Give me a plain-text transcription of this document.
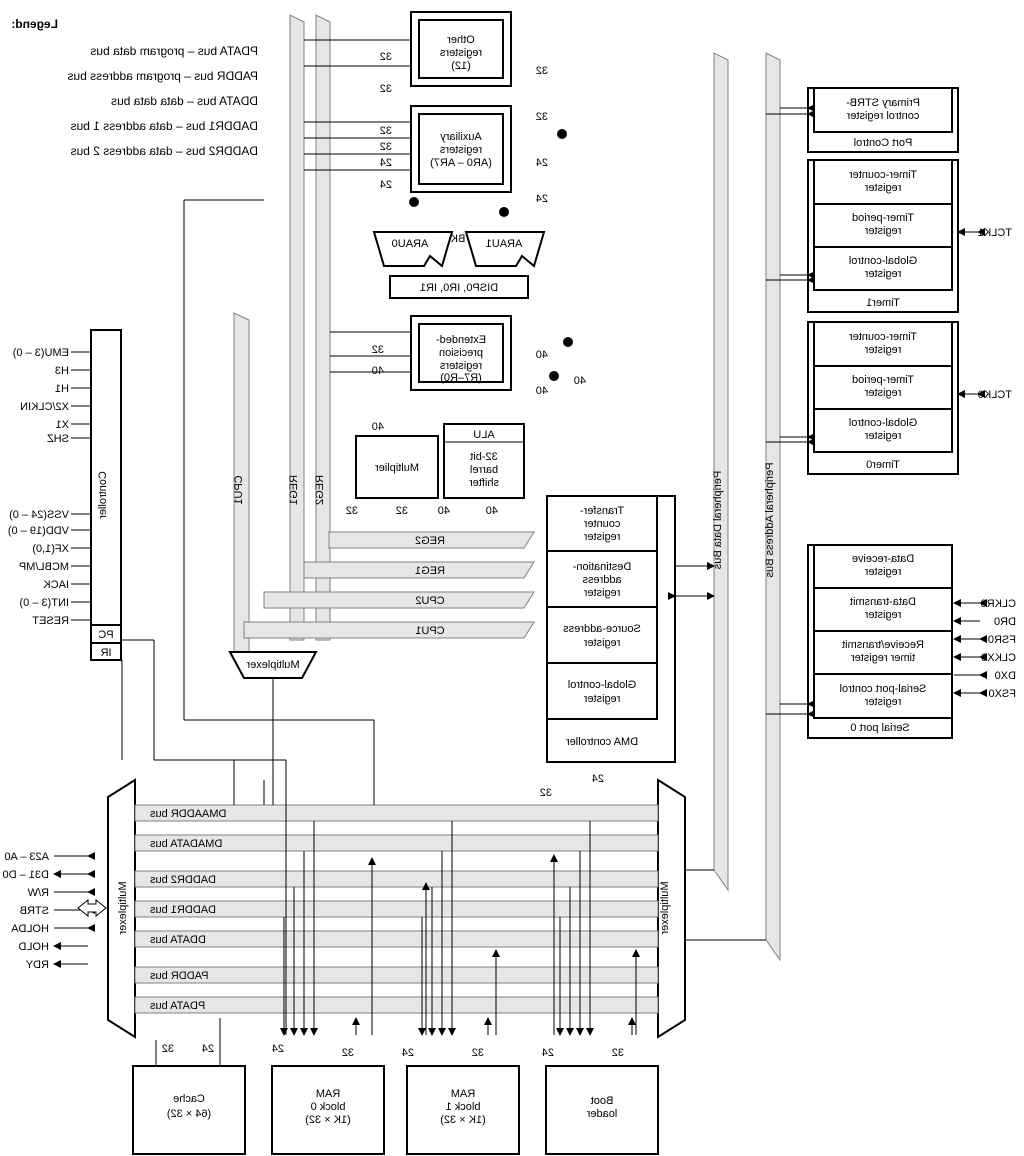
Legend:
PDATA bus – program data bus
PADDR bus – program address bus
DDATA bus – data data bus
DADDR1 bus – data address 1 bus
DADDR2 bus – data address 2 bus
Cache
(64 × 32)
RAM
block 0
(1K × 32)
RAM
block 1
(1K × 32)
Boot
loader
32	24	24	32	24	32	24	32
Multiplexer	Multiplexer
DMAADDR bus
DMADATA bus
DADDR2 bus
DADDR1 bus
DDATA bus
PADDR bus
PDATA bus
A23 – A0
D31 – D0
R/W
STRB
HOLDA
HOLD
RDY
Controller
PC
IR
EMU(3 – 0)
H3
H1
X2/CLKIN
X1
SHZ
VSS(24 – 0)
VDD(19 – 0)
XF(1,0)
MCBL/MP
IACK
INT(3 – 0)
RESET
CPU1	REG1 REG2
REG2
REG1
CPU2
CPU1
Multiplexer
Multiplier
ALU
32-bit
barrel
shifter
40
32	32	40	40
Extended-
precision
registers
(R7–R0)
32
40
40
40
40
ARAU0	ARAU1
BK
DISP0, IR0, IR1
Auxiliary
registers
(AR0 – AR7)
32
32
24
24
32
24
24
Other
registers
(12)
32
32
32
Peripheral Data Bus	Peripheral Address Bus
DMA controller
Global-control
register
Source-address
register
Destination-
address
register
Transfer-
counter
register
32
24
Serial port 0
Serial-port control
register
Receive/transmit
timer register
Data-transmit
register
Data-receive
register
FSX0
DX0
CLKX0
FSR0
DR0
CLKR0
Timer0
Global-control
register
Timer-period
register
Timer-counter
register
TCLK0
Timer1
Global-control
register
Timer-period
register
Timer-counter
register
TCLK1
Port Control
Primary STRB-
control register
